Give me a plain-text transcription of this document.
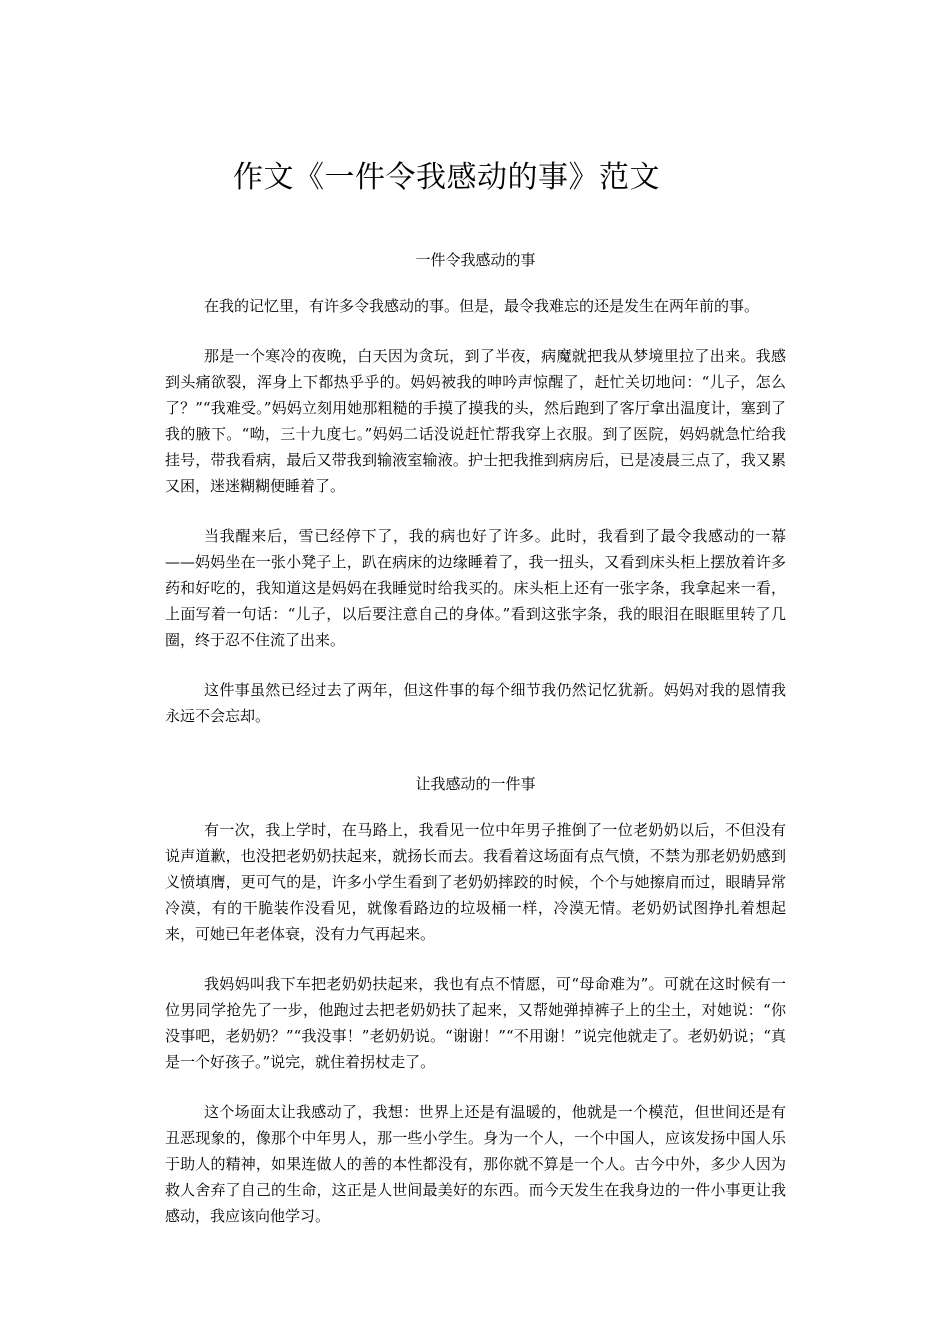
作文《一件令我感动的事》范文
一件令我感动的事

在我的记忆里，有许多令我感动的事。但是，最令我难忘的还是发生在两年前的事。

那是一个寒冷的夜晚，白天因为贪玩，到了半夜，病魔就把我从梦境里拉了出来。我感到头痛欲裂，浑身上下都热乎乎的。妈妈被我的呻吟声惊醒了，赶忙关切地问：“儿子，怎么了？”“我难受。”妈妈立刻用她那粗糙的手摸了摸我的头，然后跑到了客厅拿出温度计，塞到了我的腋下。“呦，三十九度七。”妈妈二话没说赶忙帮我穿上衣服。到了医院，妈妈就急忙给我挂号，带我看病，最后又带我到输液室输液。护士把我推到病房后，已是凌晨三点了，我又累又困，迷迷糊糊便睡着了。

当我醒来后，雪已经停下了，我的病也好了许多。此时，我看到了最令我感动的一幕——妈妈坐在一张小凳子上，趴在病床的边缘睡着了，我一扭头，又看到床头柜上摆放着许多药和好吃的，我知道这是妈妈在我睡觉时给我买的。床头柜上还有一张字条，我拿起来一看，上面写着一句话：“儿子，以后要注意自己的身体。”看到这张字条，我的眼泪在眼眶里转了几圈，终于忍不住流了出来。

这件事虽然已经过去了两年，但这件事的每个细节我仍然记忆犹新。妈妈对我的恩情我永远不会忘却。

让我感动的一件事

有一次，我上学时，在马路上，我看见一位中年男子推倒了一位老奶奶以后，不但没有说声道歉，也没把老奶奶扶起来，就扬长而去。我看着这场面有点气愤，不禁为那老奶奶感到义愤填膺，更可气的是，许多小学生看到了老奶奶摔跤的时候，个个与她擦肩而过，眼睛异常冷漠，有的干脆装作没看见，就像看路边的垃圾桶一样，冷漠无情。老奶奶试图挣扎着想起来，可她已年老体衰，没有力气再起来。

我妈妈叫我下车把老奶奶扶起来，我也有点不情愿，可“母命难为”。可就在这时候有一位男同学抢先了一步，他跑过去把老奶奶扶了起来，又帮她弹掉裤子上的尘土，对她说：“你没事吧，老奶奶？”“我没事！”老奶奶说。“谢谢！”“不用谢！”说完他就走了。老奶奶说；“真是一个好孩子。”说完，就住着拐杖走了。

这个场面太让我感动了，我想：世界上还是有温暖的，他就是一个模范，但世间还是有丑恶现象的，像那个中年男人，那一些小学生。身为一个人，一个中国人，应该发扬中国人乐于助人的精神，如果连做人的善的本性都没有，那你就不算是一个人。古今中外，多少人因为救人舍弃了自己的生命，这正是人世间最美好的东西。而今天发生在我身边的一件小事更让我感动，我应该向他学习。
